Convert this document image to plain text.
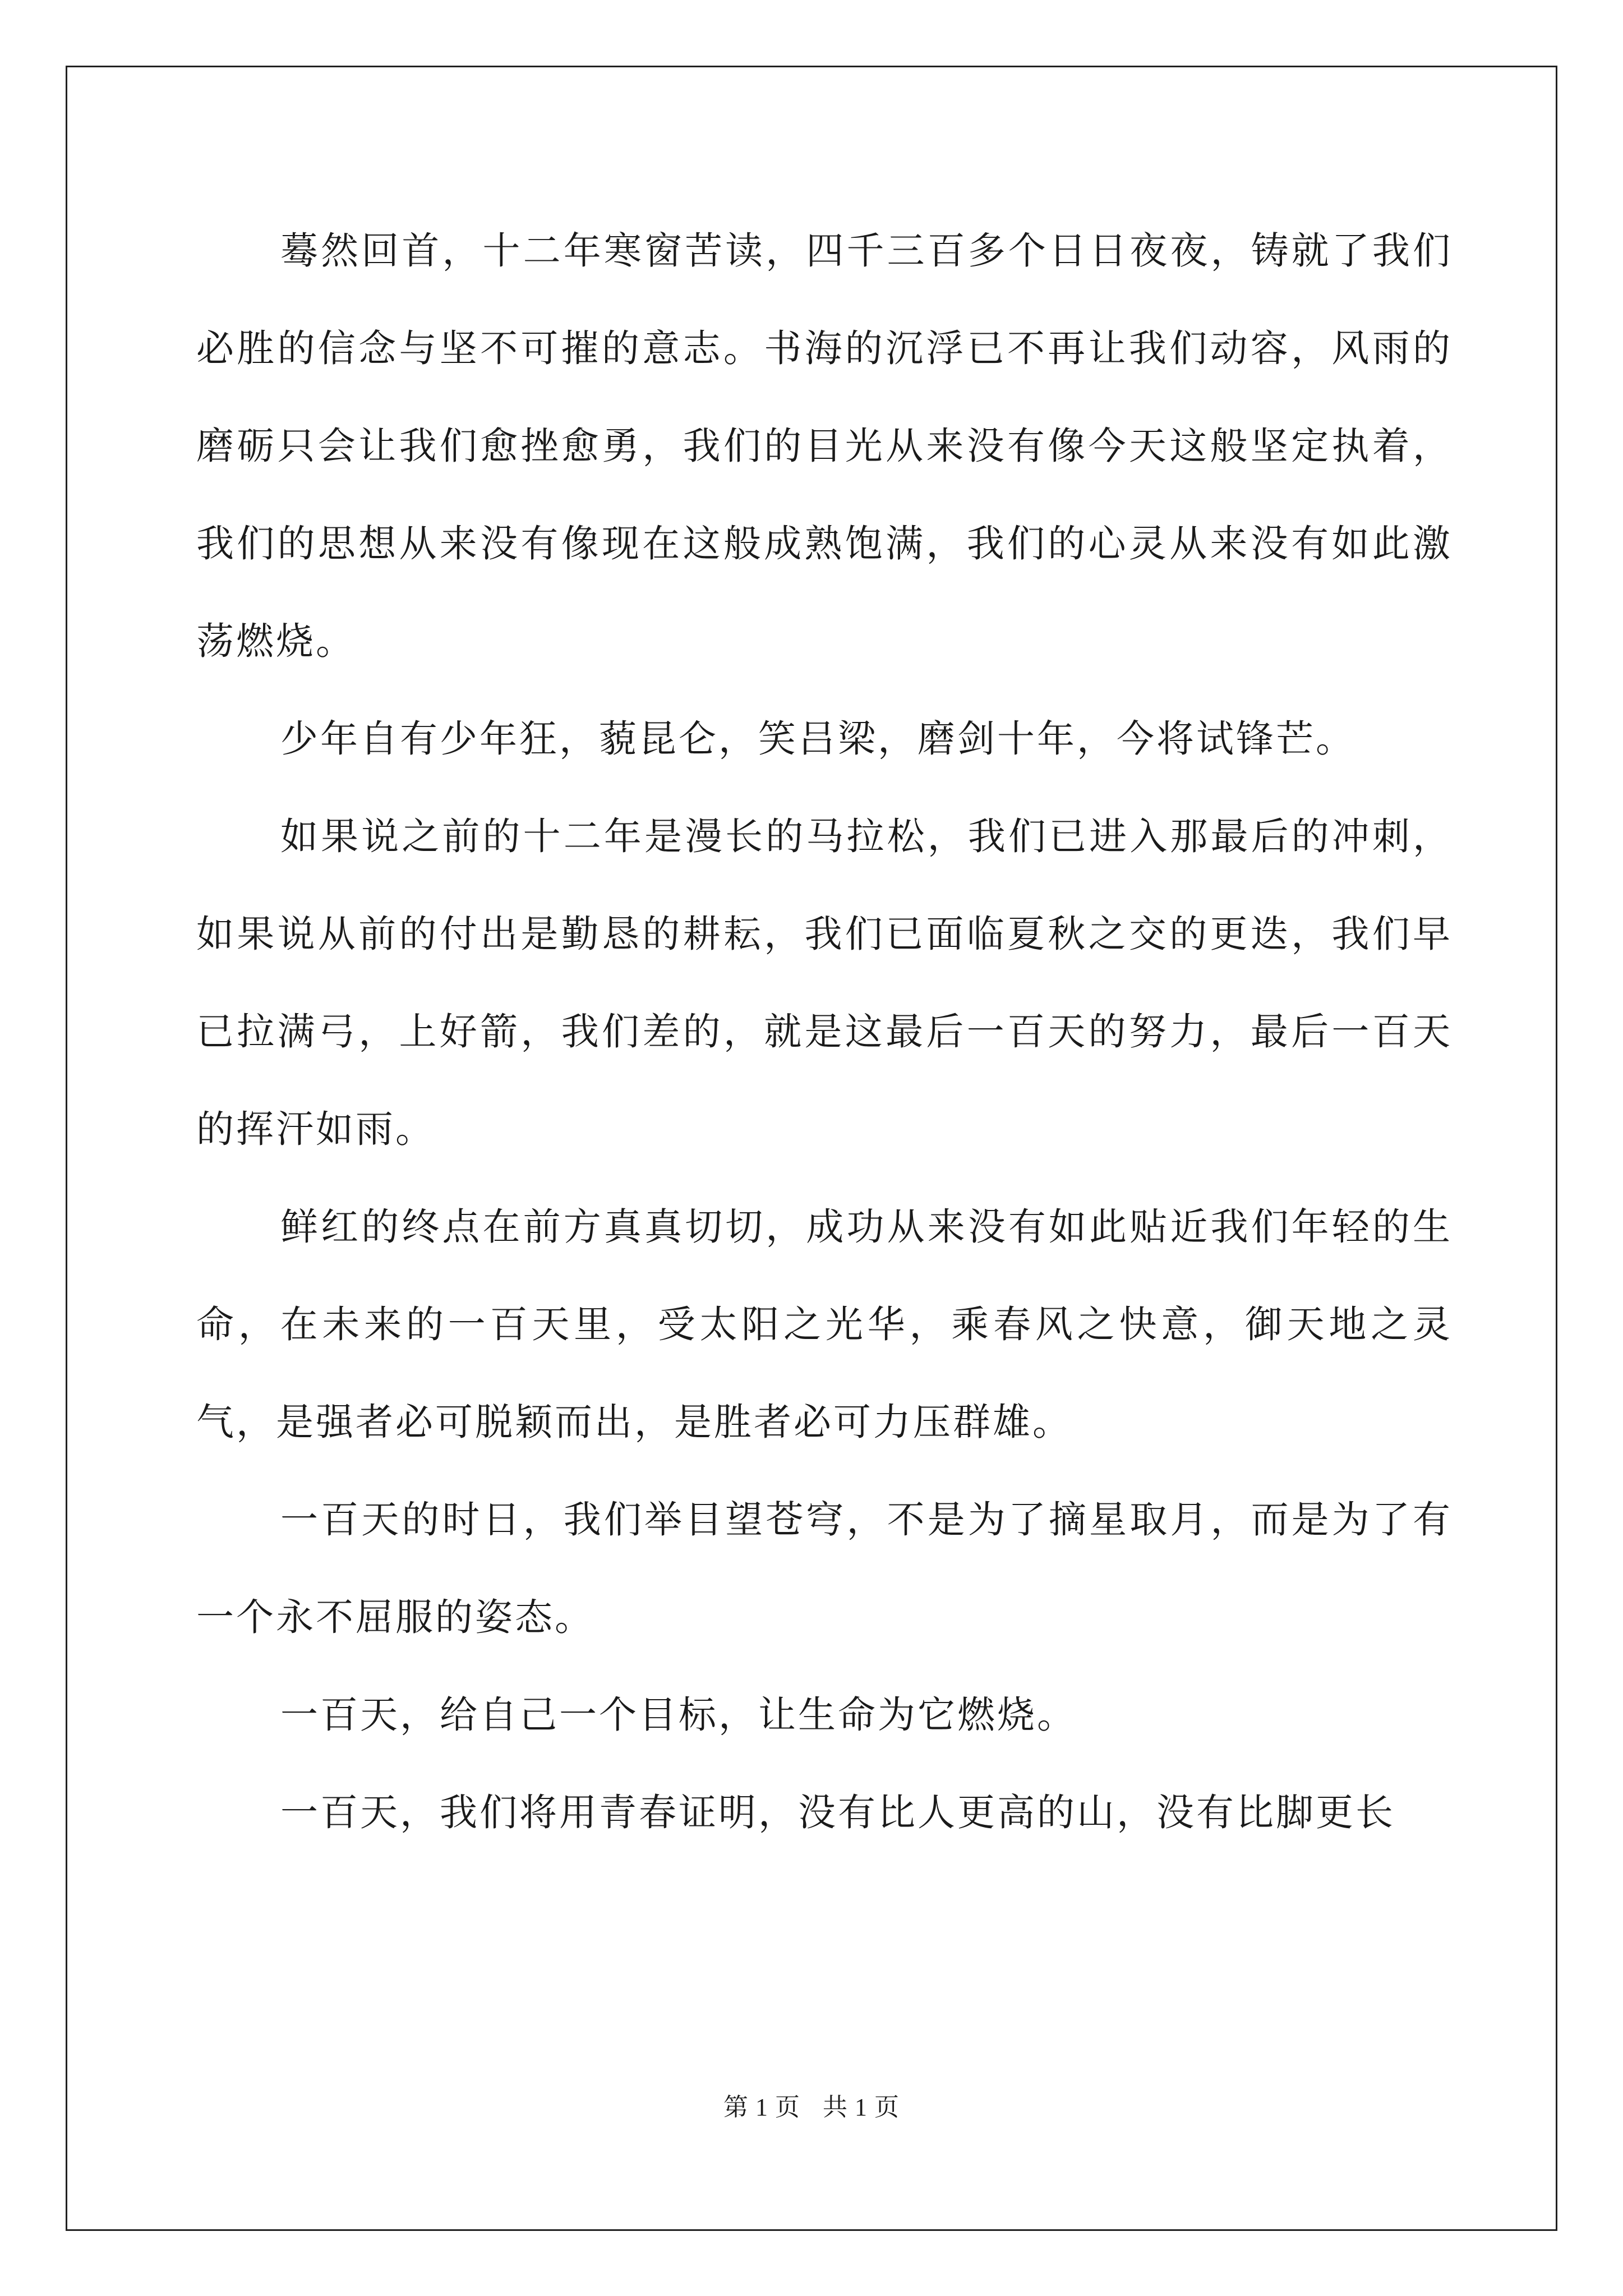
蓦然回首，十二年寒窗苦读，四千三百多个日日夜夜，铸就了我们必胜的信念与坚不可摧的意志。书海的沉浮已不再让我们动容，风雨的磨砺只会让我们愈挫愈勇，我们的目光从来没有像今天这般坚定执着，我们的思想从来没有像现在这般成熟饱满，我们的心灵从来没有如此激荡燃烧。

少年自有少年狂，藐昆仑，笑吕梁，磨剑十年，今将试锋芒。

如果说之前的十二年是漫长的马拉松，我们已进入那最后的冲刺，如果说从前的付出是勤恳的耕耘，我们已面临夏秋之交的更迭，我们早已拉满弓，上好箭，我们差的，就是这最后一百天的努力，最后一百天的挥汗如雨。

鲜红的终点在前方真真切切，成功从来没有如此贴近我们年轻的生命，在未来的一百天里，受太阳之光华，乘春风之快意，御天地之灵气，是强者必可脱颖而出，是胜者必可力压群雄。

一百天的时日，我们举目望苍穹，不是为了摘星取月，而是为了有一个永不屈服的姿态。

一百天，给自己一个目标，让生命为它燃烧。

一百天，我们将用青春证明，没有比人更高的山，没有比脚更长

第 1 页 共 1 页
